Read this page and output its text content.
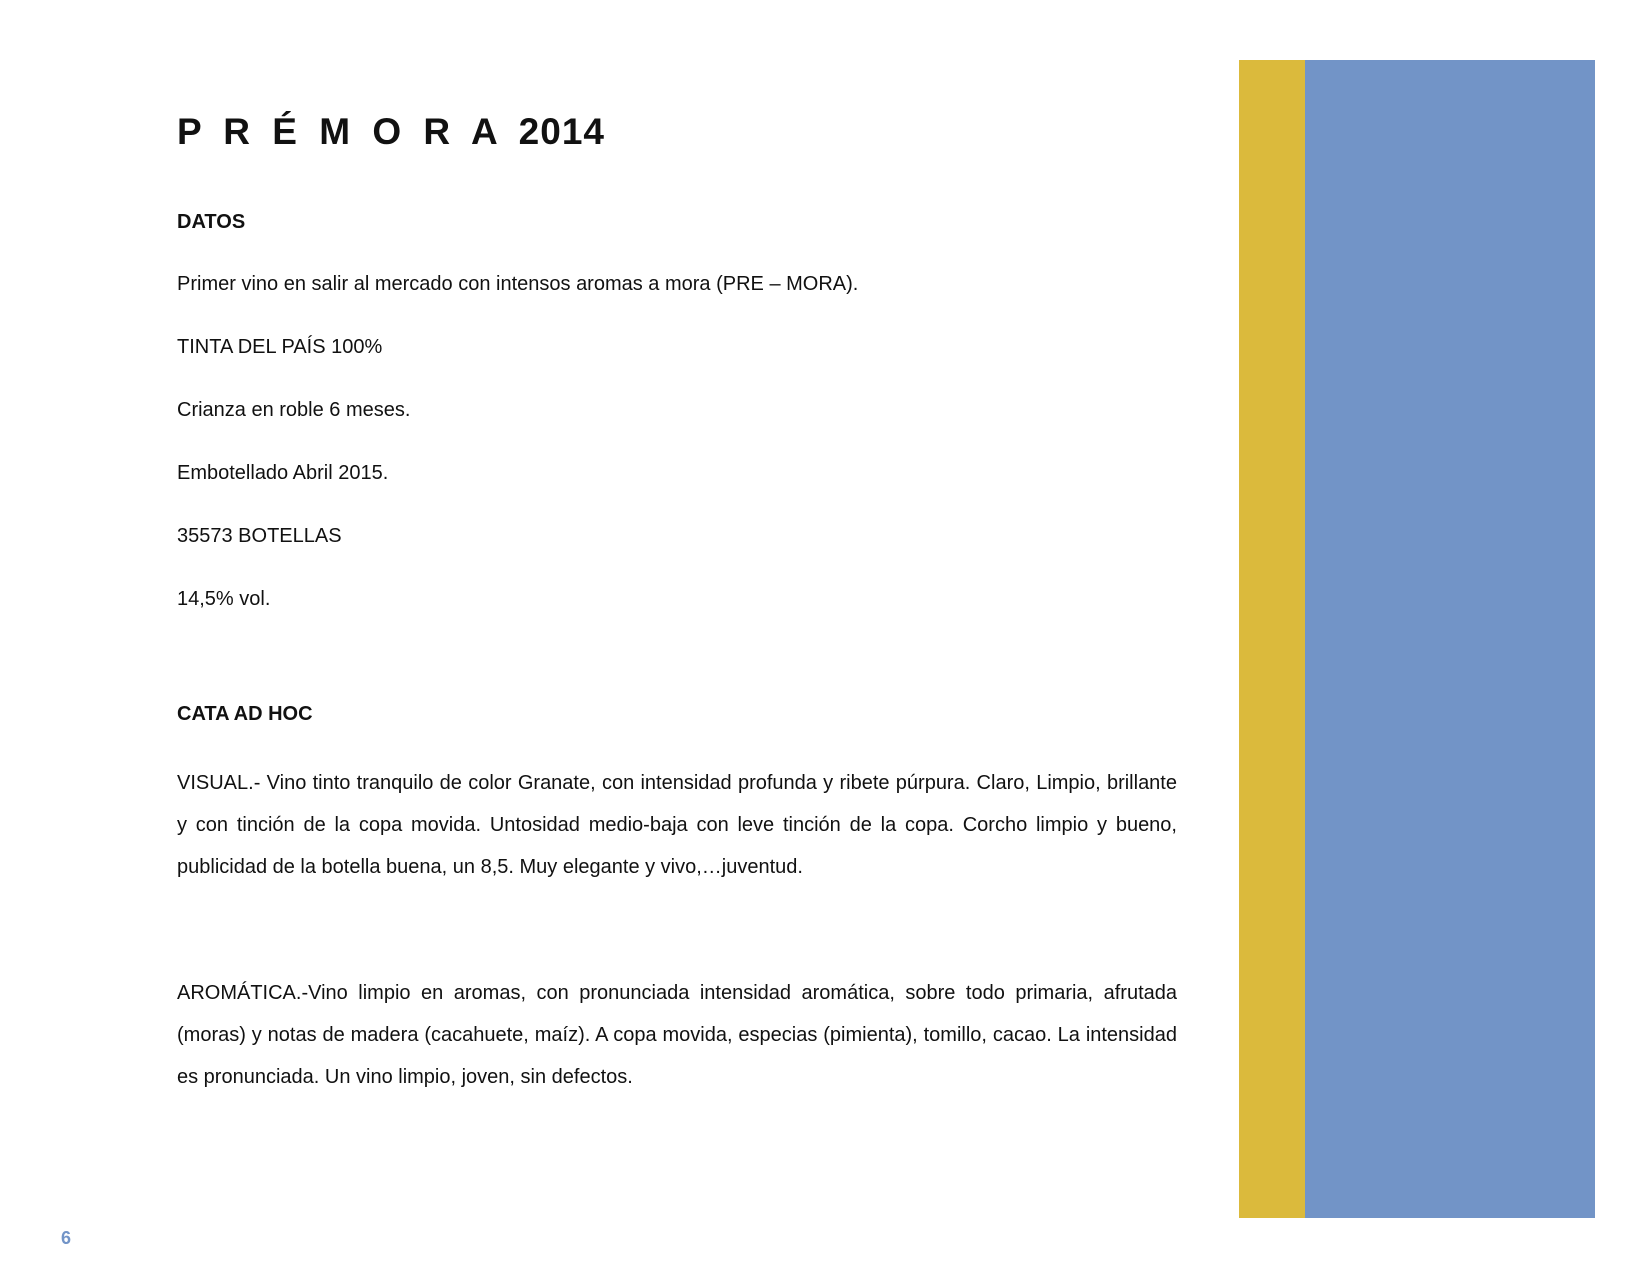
P R É M O R A 2014
DATOS
Primer vino en salir al mercado con intensos aromas a mora (PRE – MORA).
TINTA DEL PAÍS 100%
Crianza en roble 6 meses.
Embotellado Abril 2015.
35573 BOTELLAS
14,5% vol.
CATA AD HOC

VISUAL.- Vino tinto tranquilo de color Granate, con intensidad profunda y ribete púrpura. Claro, Limpio, brillante y con tinción de la copa movida. Untosidad medio-baja con leve tinción de la copa. Corcho limpio y bueno, publicidad de la botella buena, un 8,5. Muy elegante y vivo,…juventud.

AROMÁTICA.-Vino limpio en aromas, con pronunciada intensidad aromática, sobre todo primaria, afrutada (moras) y notas de madera (cacahuete, maíz). A copa movida, especias (pimienta), tomillo, cacao. La intensidad es pronunciada. Un vino limpio, joven, sin defectos.

6
